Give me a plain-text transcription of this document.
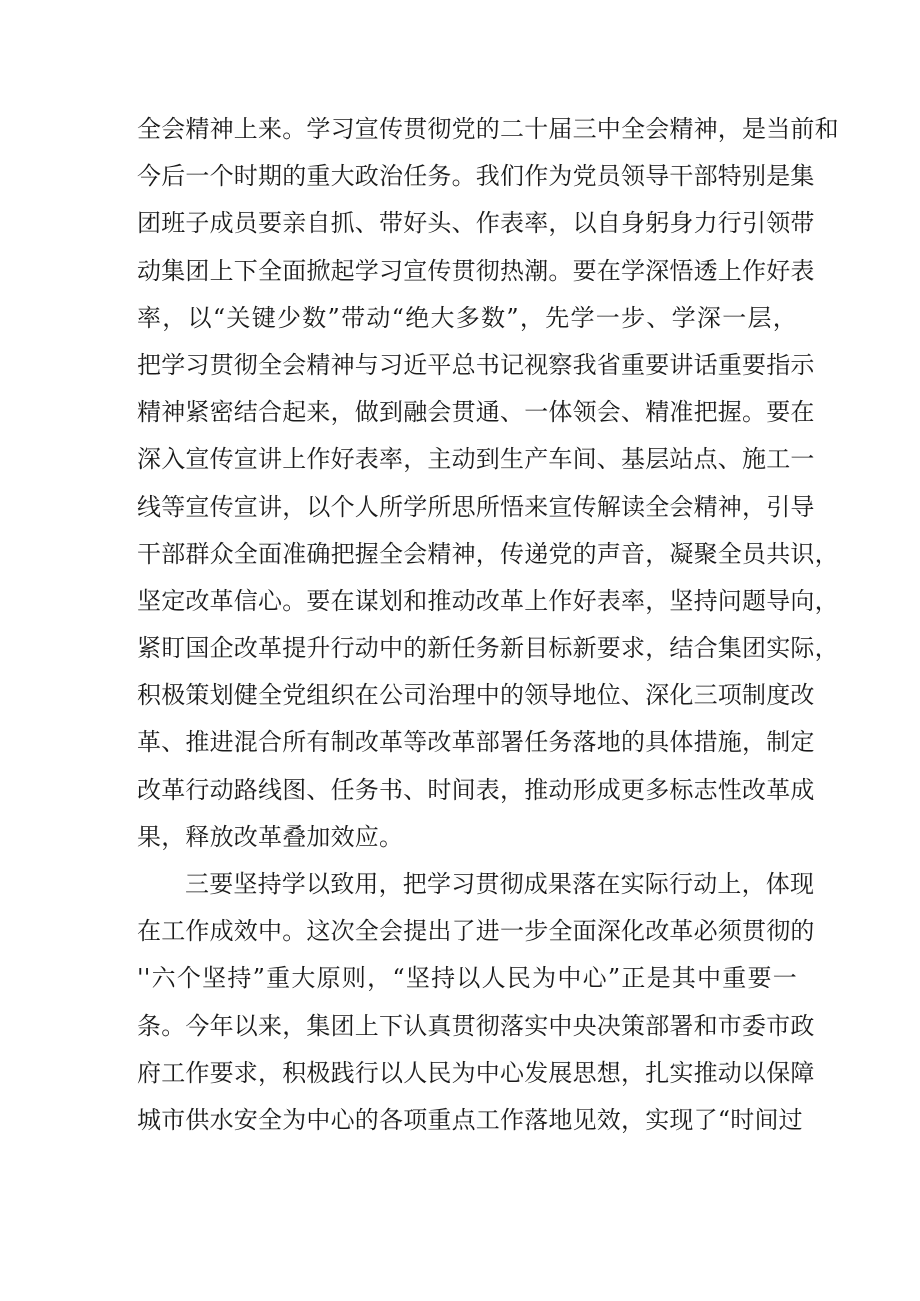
全会精神上来。学习宣传贯彻党的二十届三中全会精神，是当前和
今后一个时期的重大政治任务。我们作为党员领导干部特别是集
团班子成员要亲自抓、带好头、作表率，以自身躬身力行引领带
动集团上下全面掀起学习宣传贯彻热潮。要在学深悟透上作好表
率，以“关键少数”带动“绝大多数”，先学一步、学深一层，
把学习贯彻全会精神与习近平总书记视察我省重要讲话重要指示
精神紧密结合起来，做到融会贯通、一体领会、精准把握。要在
深入宣传宣讲上作好表率，主动到生产车间、基层站点、施工一
线等宣传宣讲，以个人所学所思所悟来宣传解读全会精神，引导
干部群众全面准确把握全会精神，传递党的声音，凝聚全员共识，
坚定改革信心。要在谋划和推动改革上作好表率，坚持问题导向，
紧盯国企改革提升行动中的新任务新目标新要求，结合集团实际，
积极策划健全党组织在公司治理中的领导地位、深化三项制度改
革、推进混合所有制改革等改革部署任务落地的具体措施，制定
改革行动路线图、任务书、时间表，推动形成更多标志性改革成
果，释放改革叠加效应。
三要坚持学以致用，把学习贯彻成果落在实际行动上，体现
在工作成效中。这次全会提出了进一步全面深化改革必须贯彻的
''六个坚持”重大原则，“坚持以人民为中心”正是其中重要一
条。今年以来，集团上下认真贯彻落实中央决策部署和市委市政
府工作要求，积极践行以人民为中心发展思想，扎实推动以保障
城市供水安全为中心的各项重点工作落地见效，实现了“时间过
